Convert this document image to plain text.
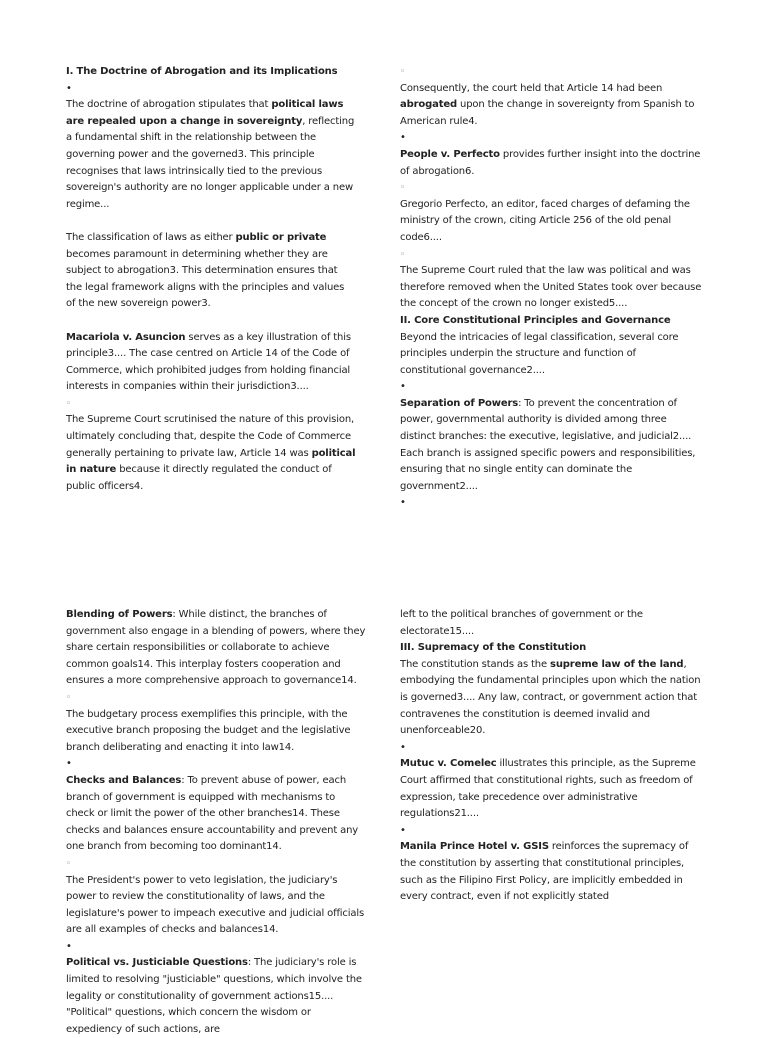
I. The Doctrine of Abrogation and its Implications

•

The doctrine of abrogation stipulates that political laws are repealed upon a change in sovereignty, reflecting a fundamental shift in the relationship between the governing power and the governed3. This principle recognises that laws intrinsically tied to the previous sovereign's authority are no longer applicable under a new regime...

The classification of laws as either public or private becomes paramount in determining whether they are subject to abrogation3. This determination ensures that the legal framework aligns with the principles and values of the new sovereign power3.

Macariola v. Asuncion serves as a key illustration of this principle3.... The case centred on Article 14 of the Code of Commerce, which prohibited judges from holding financial interests in companies within their jurisdiction3....

◦

The Supreme Court scrutinised the nature of this provision, ultimately concluding that, despite the Code of Commerce generally pertaining to private law, Article 14 was political in nature because it directly regulated the conduct of public officers4.

◦

Consequently, the court held that Article 14 had been abrogated upon the change in sovereignty from Spanish to American rule4.

•

People v. Perfecto provides further insight into the doctrine of abrogation6.

◦

Gregorio Perfecto, an editor, faced charges of defaming the ministry of the crown, citing Article 256 of the old penal code6....

◦

The Supreme Court ruled that the law was political and was therefore removed when the United States took over because the concept of the crown no longer existed5....

II. Core Constitutional Principles and Governance

Beyond the intricacies of legal classification, several core principles underpin the structure and function of constitutional governance2....

•

Separation of Powers: To prevent the concentration of power, governmental authority is divided among three distinct branches: the executive, legislative, and judicial2.... Each branch is assigned specific powers and responsibilities, ensuring that no single entity can dominate the government2....

•

Blending of Powers: While distinct, the branches of government also engage in a blending of powers, where they share certain responsibilities or collaborate to achieve common goals14. This interplay fosters cooperation and ensures a more comprehensive approach to governance14.

◦

The budgetary process exemplifies this principle, with the executive branch proposing the budget and the legislative branch deliberating and enacting it into law14.

•

Checks and Balances: To prevent abuse of power, each branch of government is equipped with mechanisms to check or limit the power of the other branches14. These checks and balances ensure accountability and prevent any one branch from becoming too dominant14.

◦

The President's power to veto legislation, the judiciary's power to review the constitutionality of laws, and the legislature's power to impeach executive and judicial officials are all examples of checks and balances14.

•

Political vs. Justiciable Questions: The judiciary's role is limited to resolving "justiciable" questions, which involve the legality or constitutionality of government actions15.... "Political" questions, which concern the wisdom or expediency of such actions, are

left to the political branches of government or the electorate15....

III. Supremacy of the Constitution

The constitution stands as the supreme law of the land, embodying the fundamental principles upon which the nation is governed3.... Any law, contract, or government action that contravenes the constitution is deemed invalid and unenforceable20.

•

Mutuc v. Comelec illustrates this principle, as the Supreme Court affirmed that constitutional rights, such as freedom of expression, take precedence over administrative regulations21....

•

Manila Prince Hotel v. GSIS reinforces the supremacy of the constitution by asserting that constitutional principles, such as the Filipino First Policy, are implicitly embedded in every contract, even if not explicitly stated
